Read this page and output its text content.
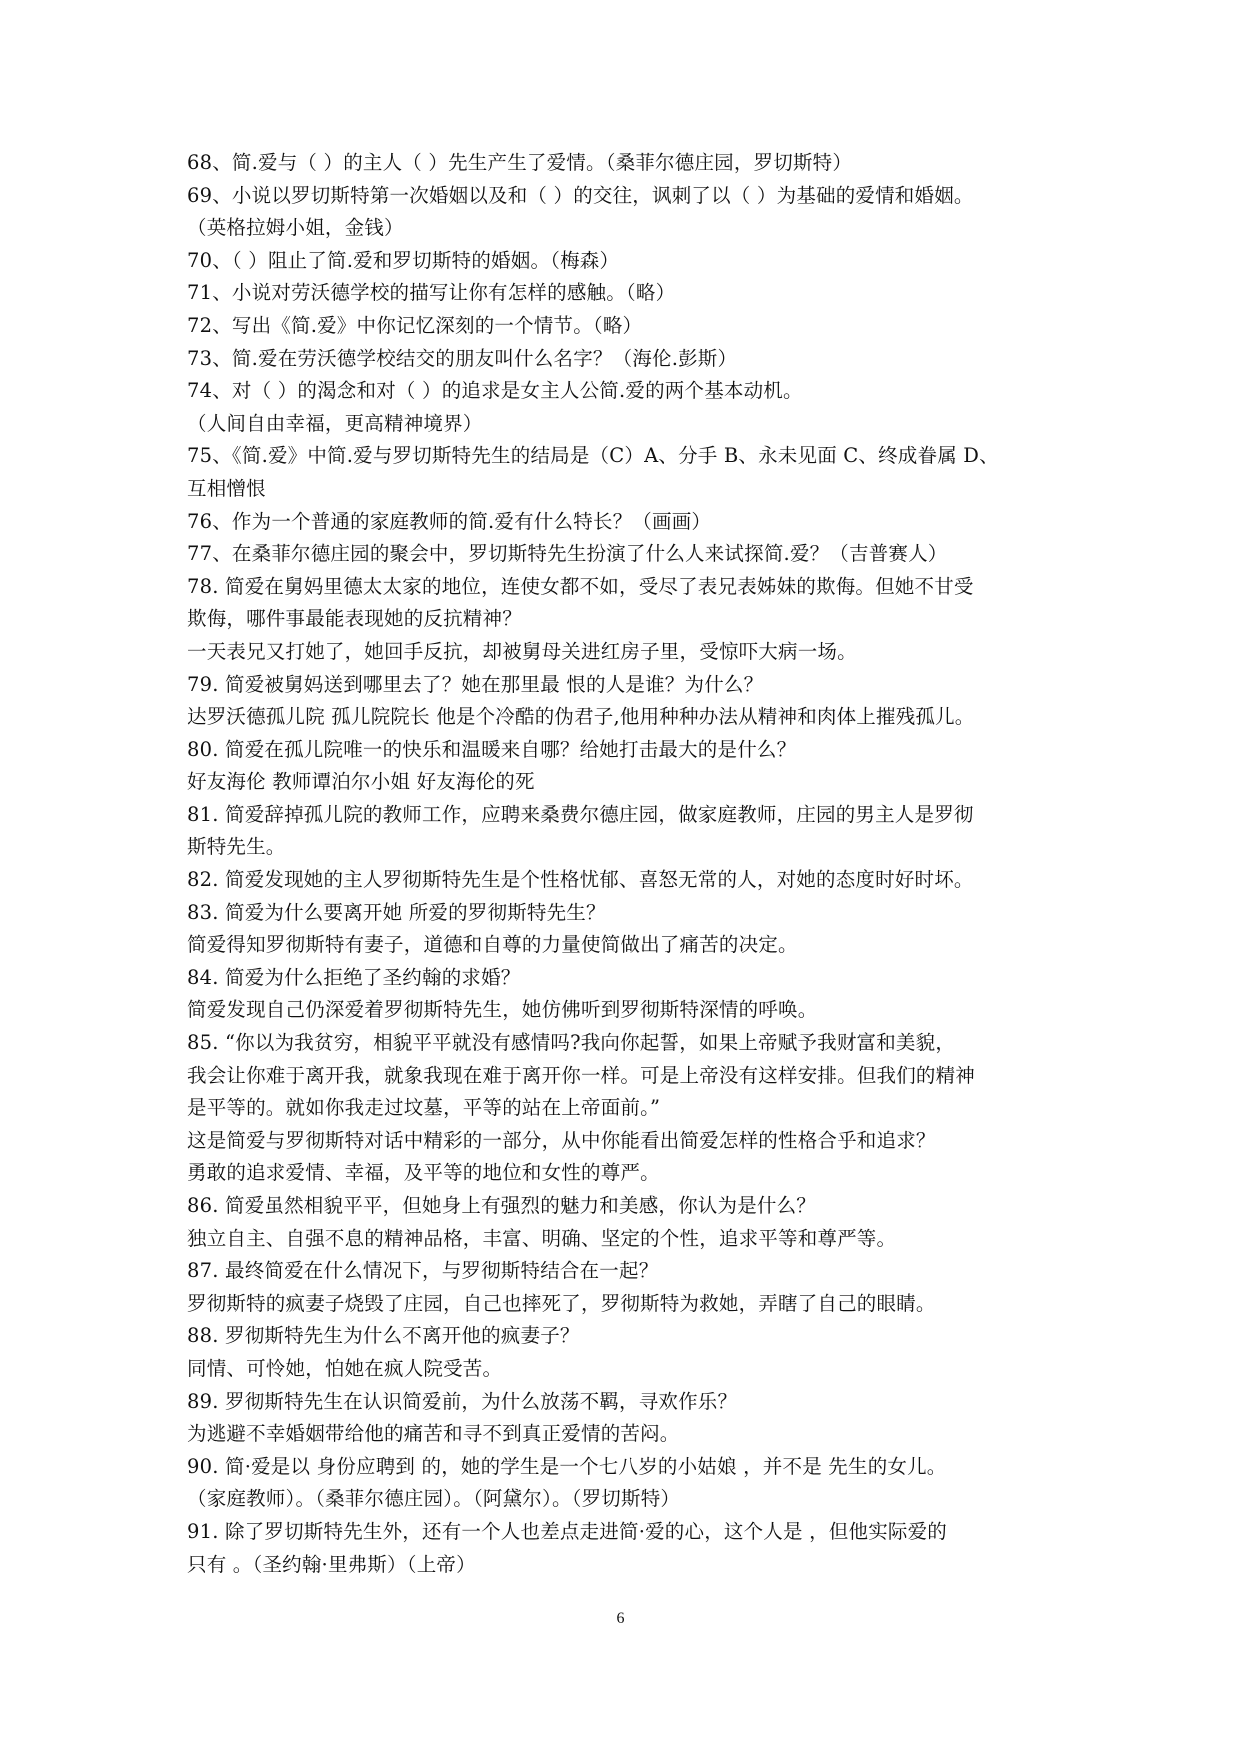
68、简.爱与（ ）的主人（ ）先生产生了爱情。（桑菲尔德庄园，罗切斯特）
69、小说以罗切斯特第一次婚姻以及和（ ）的交往，讽刺了以（ ）为基础的爱情和婚姻。
（英格拉姆小姐，金钱）
70、（ ）阻止了简.爱和罗切斯特的婚姻。（梅森）
71、小说对劳沃德学校的描写让你有怎样的感触。（略）
72、写出《简.爱》中你记忆深刻的一个情节。（略）
73、简.爱在劳沃德学校结交的朋友叫什么名字？（海伦.彭斯）
74、对（ ）的渴念和对（ ）的追求是女主人公简.爱的两个基本动机。
（人间自由幸福，更高精神境界）
75、《简.爱》中简.爱与罗切斯特先生的结局是（C）A、分手 B、永未见面 C、终成眷属 D、
互相憎恨
76、作为一个普通的家庭教师的简.爱有什么特长？（画画）
77、在桑菲尔德庄园的聚会中，罗切斯特先生扮演了什么人来试探简.爱？（吉普赛人）
78. 简爱在舅妈里德太太家的地位，连使女都不如，受尽了表兄表姊妹的欺侮。但她不甘受
欺侮，哪件事最能表现她的反抗精神？
一天表兄又打她了，她回手反抗，却被舅母关进红房子里，受惊吓大病一场。
79. 简爱被舅妈送到哪里去了？她在那里最 恨的人是谁？为什么？
达罗沃德孤儿院 孤儿院院长 他是个冷酷的伪君子,他用种种办法从精神和肉体上摧残孤儿。
80. 简爱在孤儿院唯一的快乐和温暖来自哪？给她打击最大的是什么？
好友海伦 教师谭泊尔小姐 好友海伦的死
81. 简爱辞掉孤儿院的教师工作，应聘来桑费尔德庄园，做家庭教师，庄园的男主人是罗彻
斯特先生。
82. 简爱发现她的主人罗彻斯特先生是个性格忧郁、喜怒无常的人，对她的态度时好时坏。
83. 简爱为什么要离开她 所爱的罗彻斯特先生？
简爱得知罗彻斯特有妻子，道德和自尊的力量使简做出了痛苦的决定。
84. 简爱为什么拒绝了圣约翰的求婚？
简爱发现自己仍深爱着罗彻斯特先生，她仿佛听到罗彻斯特深情的呼唤。
85. “你以为我贫穷，相貌平平就没有感情吗?我向你起誓，如果上帝赋予我财富和美貌，
我会让你难于离开我，就象我现在难于离开你一样。可是上帝没有这样安排。但我们的精神
是平等的。就如你我走过坟墓，平等的站在上帝面前。”
这是简爱与罗彻斯特对话中精彩的一部分，从中你能看出简爱怎样的性格合乎和追求？
勇敢的追求爱情、幸福，及平等的地位和女性的尊严。
86. 简爱虽然相貌平平，但她身上有强烈的魅力和美感，你认为是什么？
独立自主、自强不息的精神品格，丰富、明确、坚定的个性，追求平等和尊严等。
87. 最终简爱在什么情况下，与罗彻斯特结合在一起？
罗彻斯特的疯妻子烧毁了庄园，自己也摔死了，罗彻斯特为救她，弄瞎了自己的眼睛。
88. 罗彻斯特先生为什么不离开他的疯妻子？
同情、可怜她，怕她在疯人院受苦。
89. 罗彻斯特先生在认识简爱前，为什么放荡不羁，寻欢作乐？
为逃避不幸婚姻带给他的痛苦和寻不到真正爱情的苦闷。
90. 简·爱是以 身份应聘到 的，她的学生是一个七八岁的小姑娘 ，并不是 先生的女儿。
（家庭教师）。（桑菲尔德庄园）。（阿黛尔）。（罗切斯特）
91. 除了罗切斯特先生外，还有一个人也差点走进简·爱的心，这个人是 ，但他实际爱的
只有 。（圣约翰·里弗斯）（上帝）
6
